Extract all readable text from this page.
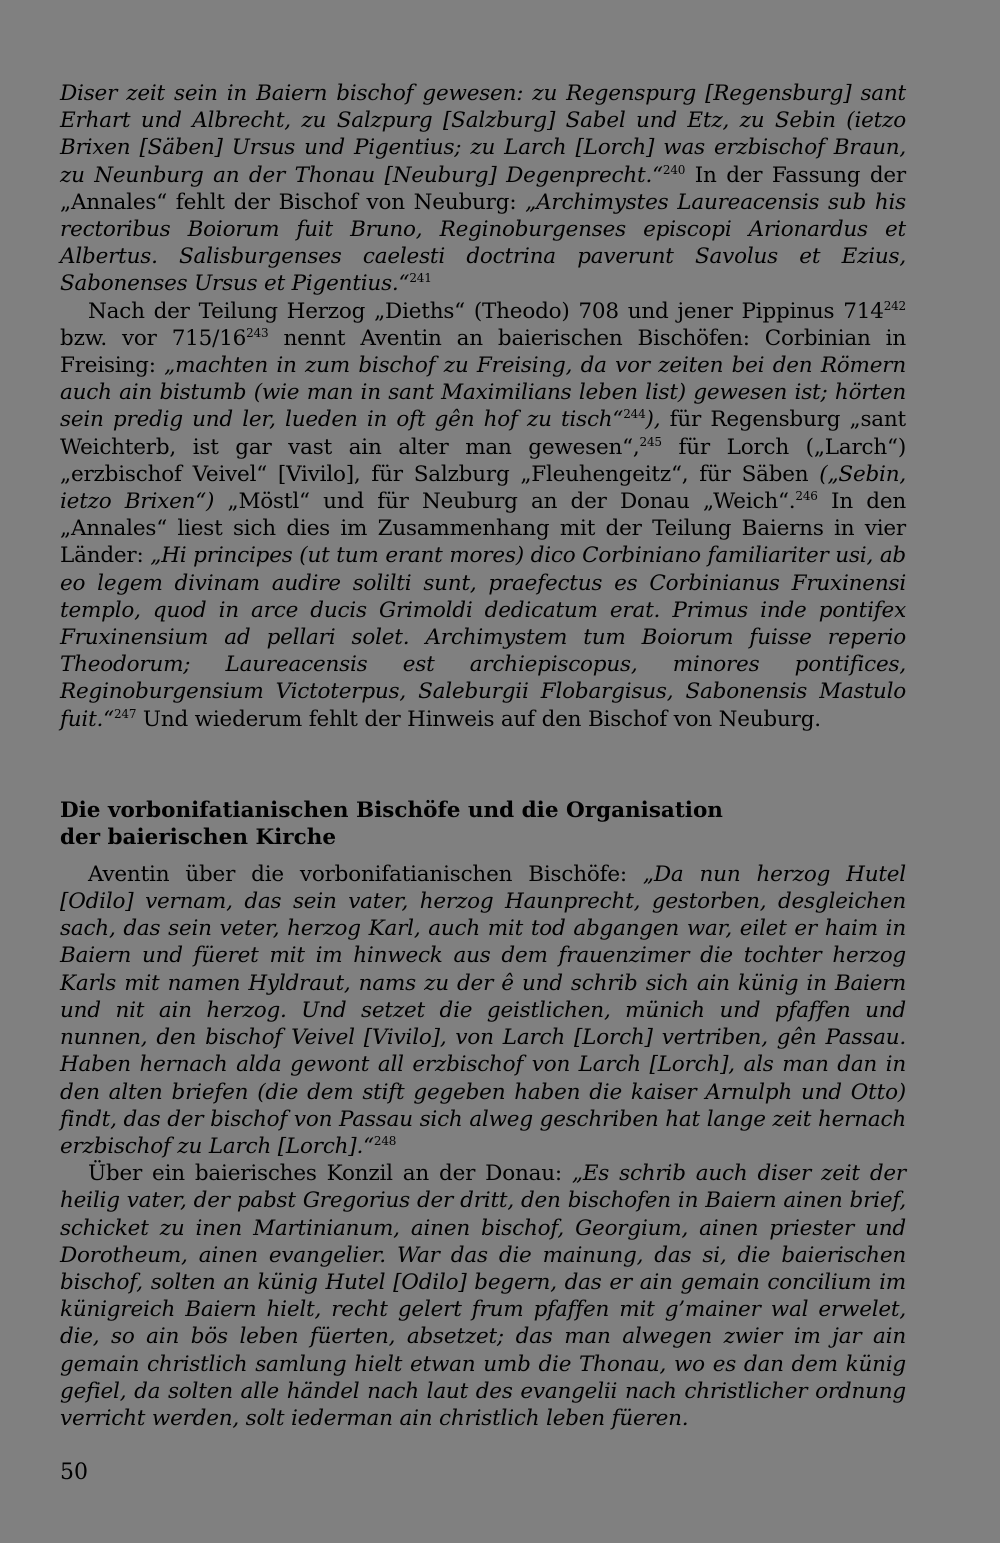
Diser zeit sein in Baiern bischof gewesen: zu Regenspurg [Regensburg] sant Erhart und Albrecht, zu Salzpurg [Salzburg] Sabel und Etz, zu Sebin (ietzo Brixen [Säben] Ursus und Pigentius; zu Larch [Lorch] was erzbischof Braun, zu Neunburg an der Thonau [Neuburg] Degenprecht.“$^{240}$ In der Fassung der „Annales“ fehlt der Bischof von Neuburg: „Archimystes Laureacensis sub his rectoribus Boiorum fuit Bruno, Reginoburgenses episcopi Arionardus et Albertus. Salisburgenses caelesti doctrina paverunt Savolus et Ezius, Sabonenses Ursus et Pigentius.“$^{241}$

Nach der Teilung Herzog „Dieths“ (Theodo) 708 und jener Pippinus $714^{242}$ bzw. vor $715/16^{243}$ nennt Aventin an baierischen Bischöfen: Corbinian in Freising: „machten in zum bischof zu Freising, da vor zeiten bei den Römern auch ain bistumb (wie man in sant Maximilians leben list) gewesen ist; hörten sein predig und ler, lueden in oft gên hof zu tisch“$^{244}$), für Regensburg „sant Weichterb, ist gar vast ain alter man gewesen“,$^{245}$ für Lorch („Larch“) „erzbischof Veivel“ [Vivilo], für Salzburg „Fleuhengeitz“, für Säben („Sebin, ietzo Brixen“) „Möstl“ und für Neuburg an der Donau „Weich“.$^{246}$ In den „Annales“ liest sich dies im Zusammenhang mit der Teilung Baierns in vier Länder: „Hi principes (ut tum erant mores) dico Corbiniano familiariter usi, ab eo legem divinam audire solilti sunt, praefectus es Corbinianus Fruxinensi templo, quod in arce ducis Grimoldi dedicatum erat. Primus inde pontifex Fruxinensium ad pellari solet. Archimystem tum Boiorum fuisse reperio Theodorum; Laureacensis est archiepiscopus, minores pontifices, Reginoburgensium Victoterpus, Saleburgii Flobargisus, Sabonensis Mastulo fuit.“$^{247}$ Und wiederum fehlt der Hinweis auf den Bischof von Neuburg.

Die vorbonifatianischen Bischöfe und die Organisation
der baierischen Kirche

Aventin über die vorbonifatianischen Bischöfe: „Da nun herzog Hutel [Odilo] vernam, das sein vater, herzog Haunprecht, gestorben, desgleichen sach, das sein veter, herzog Karl, auch mit tod abgangen war, eilet er haim in Baiern und füeret mit im hinweck aus dem frauenzimer die tochter herzog Karls mit namen Hyldraut, nams zu der ê und schrib sich ain künig in Baiern und nit ain herzog. Und setzet die geistlichen, münich und pfaffen und nunnen, den bischof Veivel [Vivilo], von Larch [Lorch] vertriben, gên Passau. Haben hernach alda gewont all erzbischof von Larch [Lorch], als man dan in den alten briefen (die dem stift gegeben haben die kaiser Arnulph und Otto) findt, das der bischof von Passau sich alweg geschriben hat lange zeit hernach erzbischof zu Larch [Lorch].“$^{248}$

Über ein baierisches Konzil an der Donau: „Es schrib auch diser zeit der heilig vater, der pabst Gregorius der dritt, den bischofen in Baiern ainen brief, schicket zu inen Martinianum, ainen bischof, Georgium, ainen priester und Dorotheum, ainen evangelier. War das die mainung, das si, die baierischen bischof, solten an künig Hutel [Odilo] begern, das er ain gemain concilium im künigreich Baiern hielt, recht gelert frum pfaffen mit g’mainer wal erwelet, die, so ain bös leben füerten, absetzet; das man alwegen zwier im jar ain gemain christlich samlung hielt etwan umb die Thonau, wo es dan dem künig gefiel, da solten alle händel nach laut des evangelii nach christlicher ordnung verricht werden, solt iederman ain christlich leben füeren.

50
